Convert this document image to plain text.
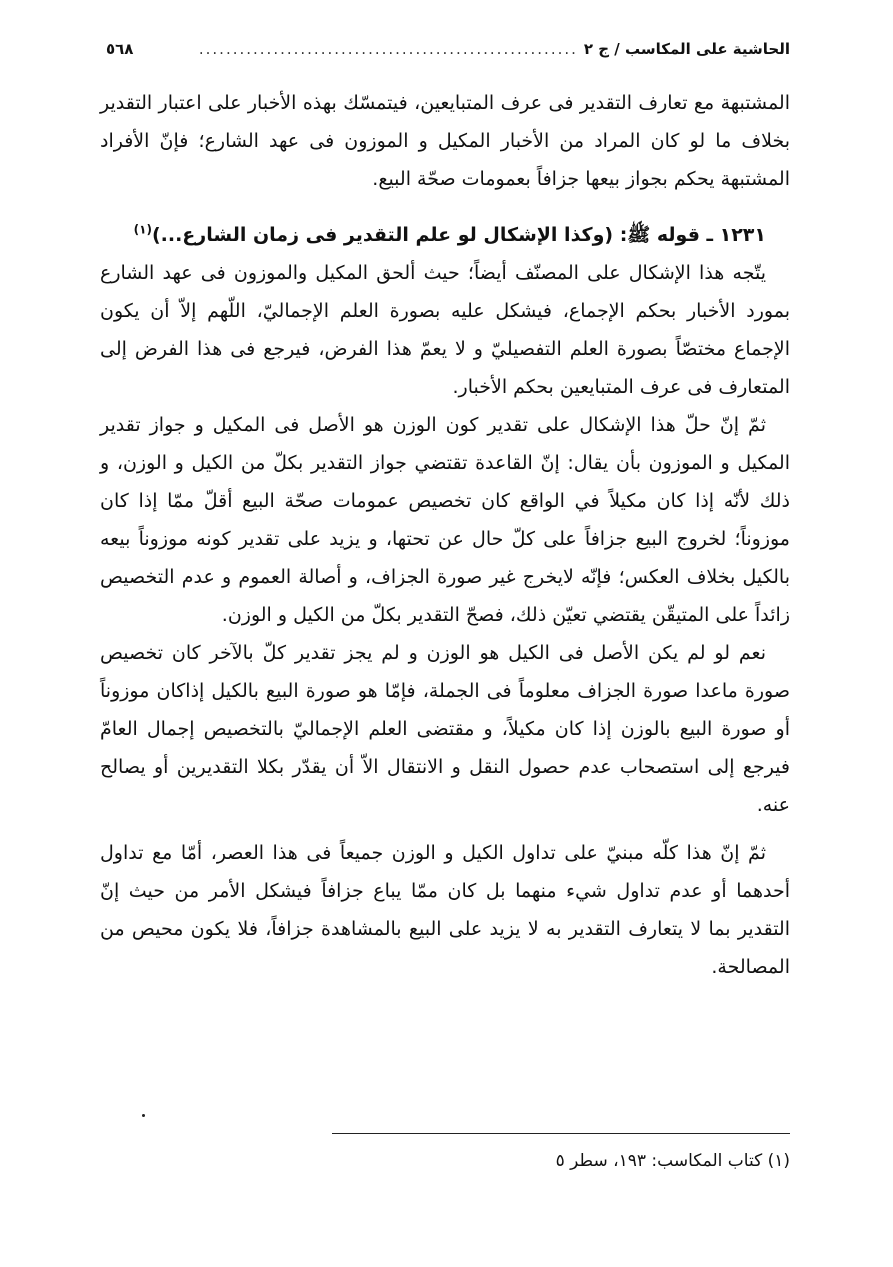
الحاشية على المكاسب / ج ٢
........................................................
٥٦٨

المشتبهة مع تعارف التقدير فى عرف المتبايعين، فيتمسّك بهذه الأخبار على اعتبار التقدير بخلاف ما لو كان المراد من الأخبار المكيل و الموزون فى عهد الشارع؛ فإنّ الأفراد المشتبهة يحكم بجواز بيعها جزافاً بعمومات صحّة البيع.

١٢٣١ ـ قوله ﷺ: (وكذا الإشكال لو علم التقدير فى زمان الشارع...)$^{(١)}$

يتّجه هذا الإشكال على المصنّف أيضاً؛ حيث ألحق المكيل والموزون فى عهد الشارع بمورد الأخبار بحكم الإجماع، فيشكل عليه بصورة العلم الإجماليّ، اللّهم إلاّ أن يكون الإجماع مختصّاً بصورة العلم التفصيليّ و لا يعمّ هذا الفرض، فيرجع فى هذا الفرض إلى المتعارف فى عرف المتبايعين بحكم الأخبار.

ثمّ إنّ حلّ هذا الإشكال على تقدير كون الوزن هو الأصل فى المكيل و جواز تقدير المكيل و الموزون بأن يقال: إنّ القاعدة تقتضي جواز التقدير بكلّ من الكيل و الوزن، و ذلك لأنّه إذا كان مكيلاً في الواقع كان تخصيص عمومات صحّة البيع أقلّ ممّا إذا كان موزوناً؛ لخروج البيع جزافاً على كلّ حال عن تحتها، و يزيد على تقدير كونه موزوناً بيعه بالكيل بخلاف العكس؛ فإنّه لايخرج غير صورة الجزاف، و أصالة العموم و عدم التخصيص زائداً على المتيقّن يقتضي تعيّن ذلك، فصحّ التقدير بكلّ من الكيل و الوزن.

نعم لو لم يكن الأصل فى الكيل هو الوزن و لم يجز تقدير كلّ بالآخر كان تخصيص صورة ماعدا صورة الجزاف معلوماً فى الجملة، فإمّا هو صورة البيع بالكيل إذاكان موزوناً أو صورة البيع بالوزن إذا كان مكيلاً، و مقتضى العلم الإجماليّ بالتخصيص إجمال العامّ فيرجع إلى استصحاب عدم حصول النقل و الانتقال الاّ أن يقدّر بكلا التقديرين أو يصالح عنه.

ثمّ إنّ هذا كلّه مبنيّ على تداول الكيل و الوزن جميعاً فى هذا العصر، أمّا مع تداول أحدهما أو عدم تداول شيء منهما بل كان ممّا يباع جزافاً فيشكل الأمر من حيث إنّ التقدير بما لا يتعارف التقدير به لا يزيد على البيع بالمشاهدة جزافاً، فلا يكون محيص من المصالحة.

(١) كتاب المكاسب: ١٩٣، سطر ٥
